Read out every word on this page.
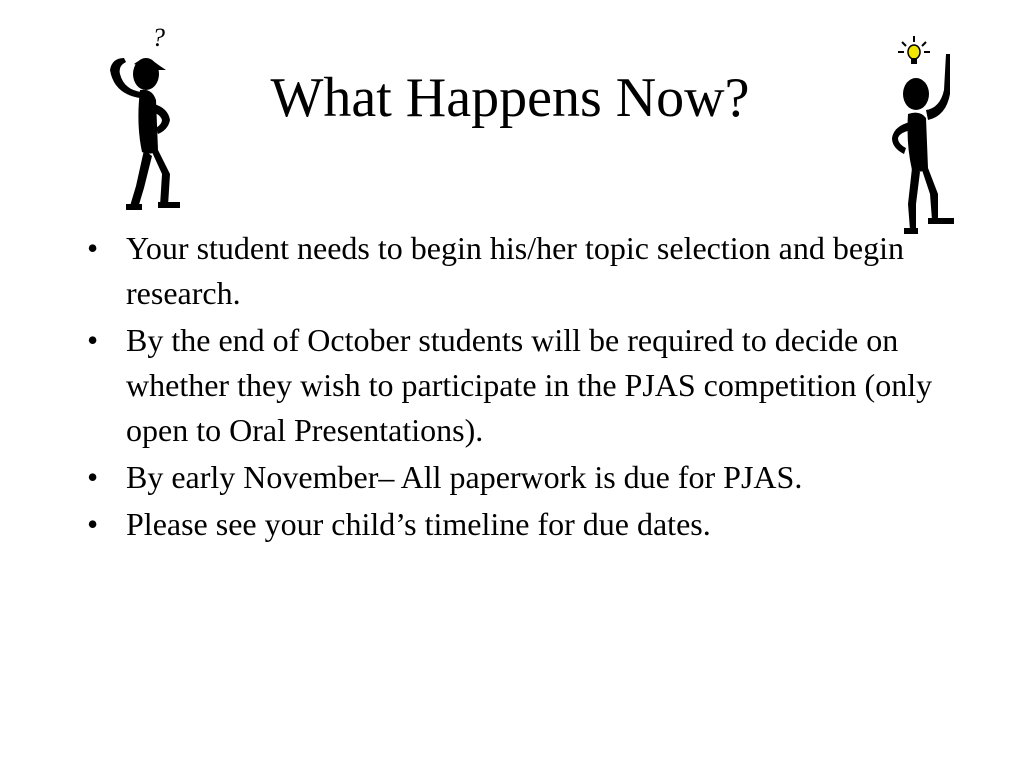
?
What Happens Now?
• Your student needs to begin his/her topic selection and begin research.
• By the end of October students will be required to decide on whether they wish to participate in the PJAS competition (only open to Oral Presentations).
• By early November– All paperwork is due for PJAS.
• Please see your child’s timeline for due dates.
